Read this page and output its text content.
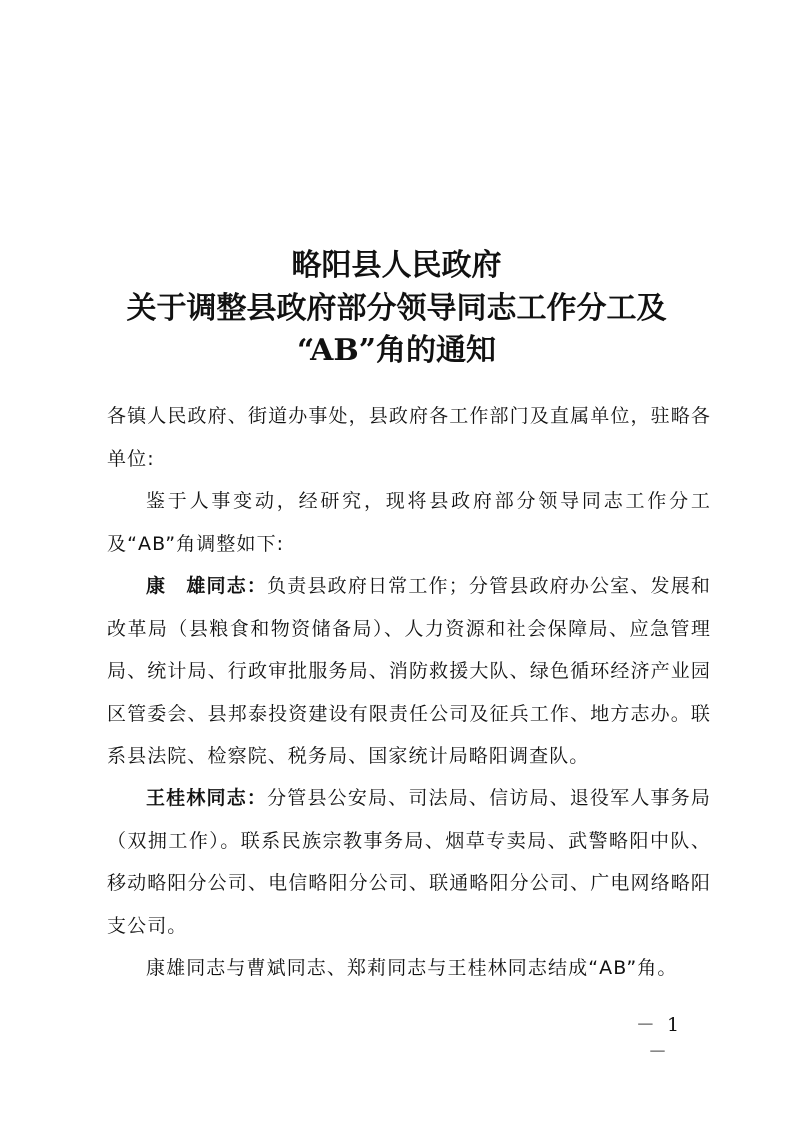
略阳县人民政府
关于调整县政府部分领导同志工作分工及
“AB”角的通知
各镇人民政府、街道办事处，县政府各工作部门及直属单位，驻略各单位:
鉴于人事变动，经研究，现将县政府部分领导同志工作分工及“AB”角调整如下:
康　雄同志：负责县政府日常工作；分管县政府办公室、发展和改革局（县粮食和物资储备局）、人力资源和社会保障局、应急管理局、统计局、行政审批服务局、消防救援大队、绿色循环经济产业园区管委会、县邦泰投资建设有限责任公司及征兵工作、地方志办。联系县法院、检察院、税务局、国家统计局略阳调查队。
王桂林同志：分管县公安局、司法局、信访局、退役军人事务局（双拥工作）。联系民族宗教事务局、烟草专卖局、武警略阳中队、移动略阳分公司、电信略阳分公司、联通略阳分公司、广电网络略阳支公司。
康雄同志与曹斌同志、郑莉同志与王桂林同志结成“AB”角。
－ 1 －
